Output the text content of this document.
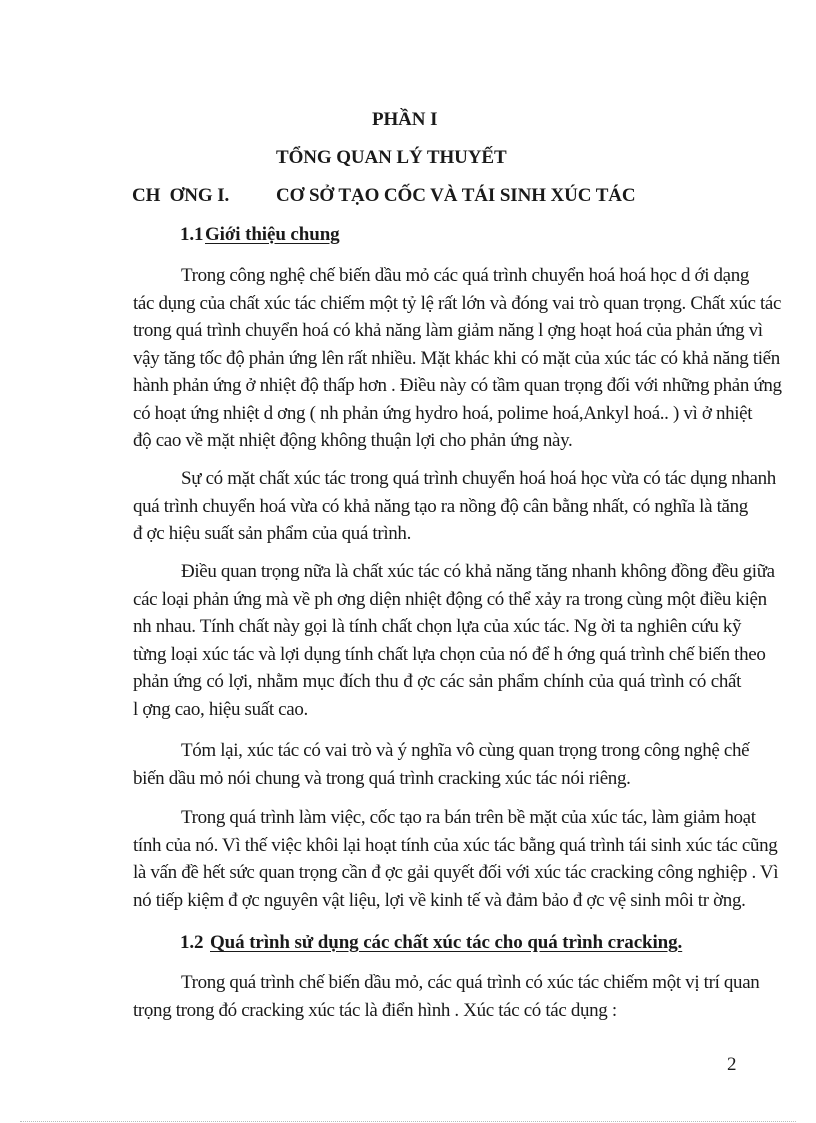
PHẦN I
TỔNG QUAN LÝ THUYẾT
CH  ƠNG I. CƠ SỞ TẠO CỐC VÀ TÁI SINH XÚC TÁC
1.1 Giới thiệu chung
Trong công nghệ chế biến dầu mỏ các quá trình chuyển hoá hoá học d ới dạng
tác dụng của chất xúc tác chiếm một tỷ lệ rất lớn và đóng vai trò quan trọng. Chất xúc tác
trong quá trình chuyển hoá có khả năng làm giảm năng l ợng hoạt hoá của phản ứng vì
vậy tăng tốc độ phản ứng lên rất nhiều. Mặt khác khi có mặt của xúc tác có khả năng tiến
hành phản ứng ở nhiệt độ thấp hơn . Điều này có tầm quan trọng đối với những phản ứng
có hoạt ứng nhiệt d ơng ( nh phản ứng hydro hoá, polime hoá,Ankyl hoá.. ) vì ở nhiệt
độ cao về mặt nhiệt động không thuận lợi cho phản ứng này.
Sự có mặt chất xúc tác trong quá trình chuyển hoá hoá học vừa có tác dụng nhanh
quá trình chuyển hoá vừa có khả năng tạo ra nồng độ cân bằng nhất, có nghĩa là tăng
đ ợc hiệu suất sản phẩm của quá trình.
Điều quan trọng nữa là chất xúc tác có khả năng tăng nhanh không đồng đều giữa
các loại phản ứng mà về ph ơng diện nhiệt động có thể xảy ra trong cùng một điều kiện
nh nhau. Tính chất này gọi là tính chất chọn lựa của xúc tác. Ng ời ta nghiên cứu kỹ
từng loại xúc tác và lợi dụng tính chất lựa chọn của nó để h ớng quá trình chế biến theo
phản ứng có lợi, nhằm mục đích thu đ ợc các sản phẩm chính của quá trình có chất
l ợng cao, hiệu suất cao.
Tóm lại, xúc tác có vai trò và ý nghĩa vô cùng quan trọng trong công nghệ chế
biến dầu mỏ nói chung và trong quá trình cracking xúc tác nói riêng.
Trong quá trình làm việc, cốc tạo ra bán trên bề mặt của xúc tác, làm giảm hoạt
tính của nó. Vì thế việc khôi lại hoạt tính của xúc tác bằng quá trình tái sinh xúc tác cũng
là vấn đề hết sức quan trọng cần đ ợc gải quyết đối với xúc tác cracking công nghiệp . Vì
nó tiếp kiệm đ ợc nguyên vật liệu, lợi về kinh tế và đảm bảo đ ợc vệ sinh môi tr ờng.
1.2 Quá trình sử dụng các chất xúc tác cho quá trình cracking.
Trong quá trình chế biến dầu mỏ, các quá trình có xúc tác chiếm một vị trí quan
trọng trong đó cracking xúc tác là điển hình . Xúc tác có tác dụng :
2
